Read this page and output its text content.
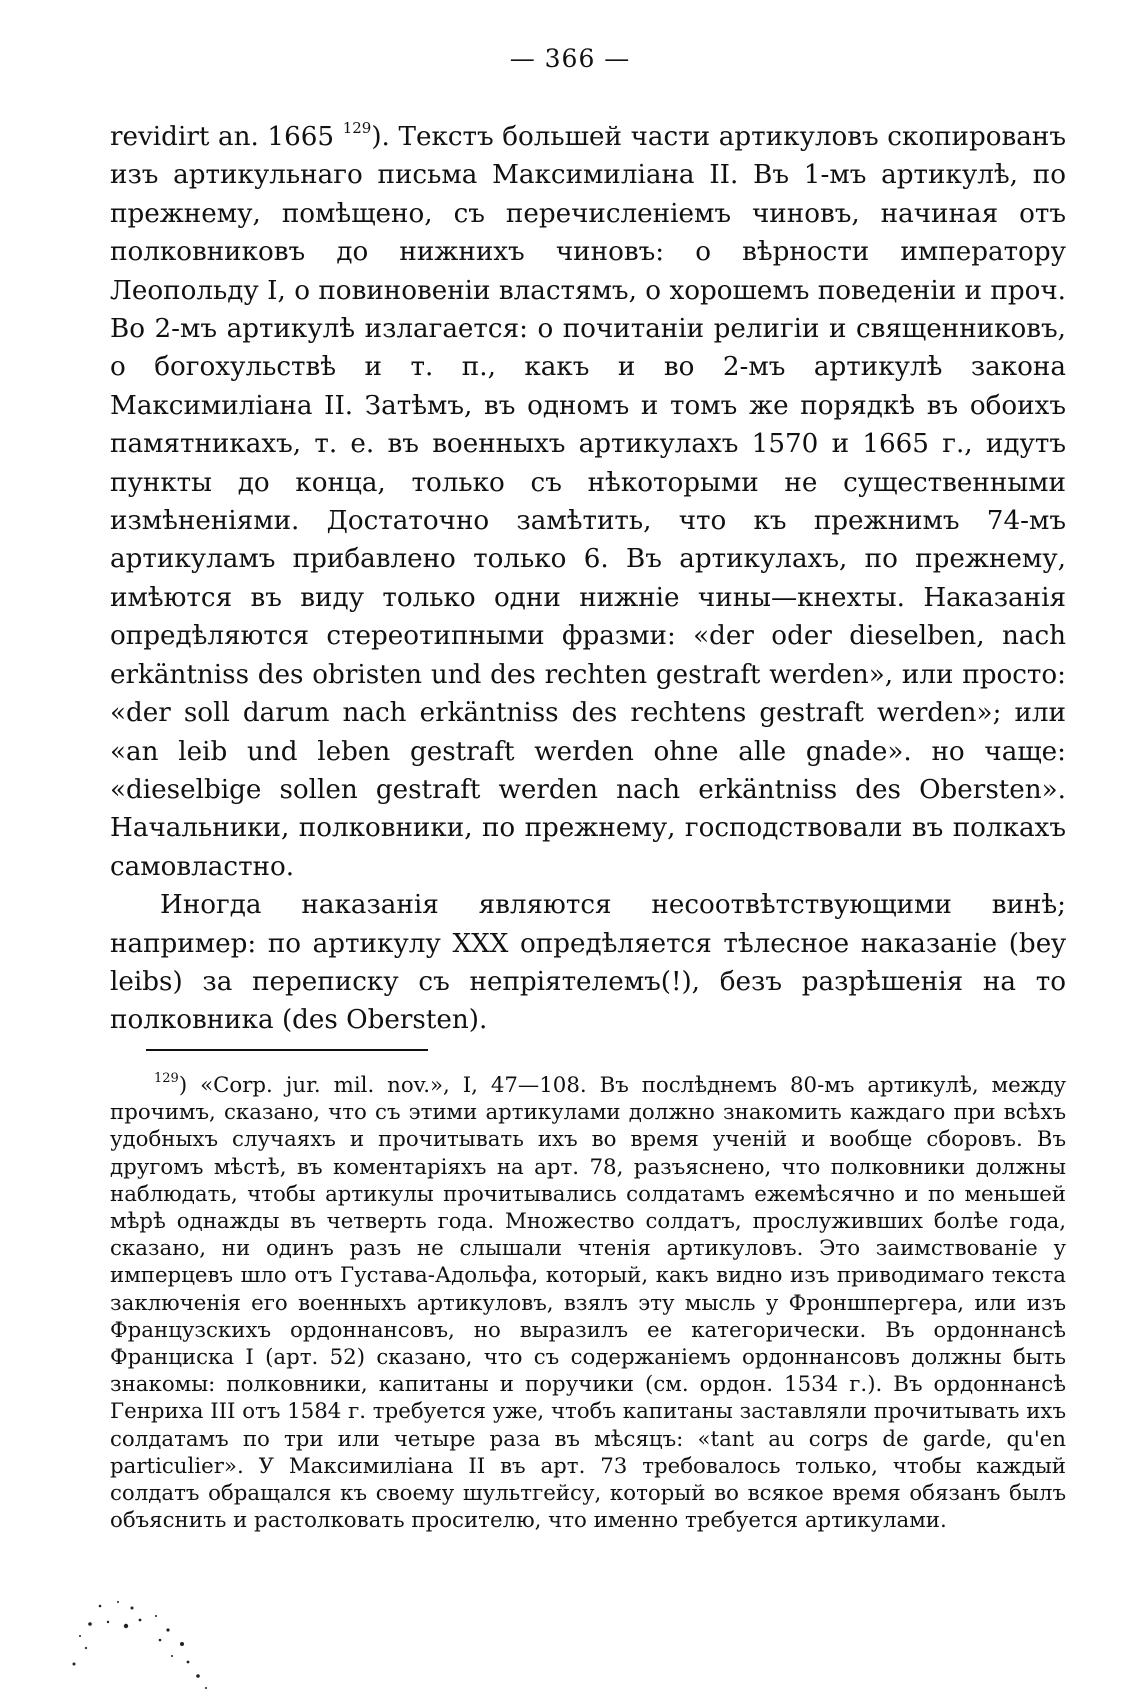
— 366 —

revidirt an. 1665 $^{129}$). Текстъ большей части артикуловъ скопированъ изъ артикульнаго письма Максимиліана II. Въ 1-мъ артикулѣ, по прежнему, помѣщено, съ перечисленіемъ чиновъ, начиная отъ полковниковъ до нижнихъ чиновъ: о вѣрности императору Леопольду I, о повиновеніи властямъ, о хорошемъ поведеніи и проч. Во 2-мъ артикулѣ излагается: о почитаніи религіи и священниковъ, о богохульствѣ и т. п., какъ и во 2-мъ артикулѣ закона Максимиліана II. Затѣмъ, въ одномъ и томъ же порядкѣ въ обоихъ памятникахъ, т. е. въ военныхъ артикулахъ 1570 и 1665 г., идутъ пункты до конца, только съ нѣкоторыми не существенными измѣненіями. Достаточно замѣтить, что къ прежнимъ 74-мъ артикуламъ прибавлено только 6. Въ артикулахъ, по прежнему, имѣются въ виду только одни нижніе чины—кнехты. Наказанія опредѣляются стереотипными фразми: «der oder dieselben, nach erkäntniss des obristen und des rechten gestraft werden», или просто: «der soll darum nach erkäntniss des rechtens gestraft werden»; или «an leib und leben gestraft werden ohne alle gnade». но чаще: «dieselbige sollen gestraft werden nach erkäntniss des Obersten». Начальники, полковники, по прежнему, господствовали въ полкахъ самовластно.

Иногда наказанія являются несоотвѣтствующими винѣ; например: по артикулу XXX опредѣляется тѣлесное наказаніе (bey leibs) за переписку съ непріятелемъ(!), безъ разрѣшенія на то полковника (des Obersten).

$^{129}$) «Corp. jur. mil. nov.», I, 47—108. Въ послѣднемъ 80-мъ артикулѣ, между прочимъ, сказано, что съ этими артикулами должно знакомить каждаго при всѣхъ удобныхъ случаяхъ и прочитывать ихъ во время ученій и вообще сборовъ. Въ другомъ мѣстѣ, въ коментаріяхъ на арт. 78, разъяснено, что полковники должны наблюдать, чтобы артикулы прочитывались солдатамъ ежемѣсячно и по меньшей мѣрѣ однажды въ четверть года. Множество солдатъ, прослуживших болѣе года, сказано, ни одинъ разъ не слышали чтенія артикуловъ. Это заимствованіе у имперцевъ шло отъ Густава-Адольфа, который, какъ видно изъ приводимаго текста заключенія его военныхъ артикуловъ, взялъ эту мысль у Фроншпергера, или изъ Французскихъ ордоннансовъ, но выразилъ ее категорически. Въ ордоннансѣ Франциска I (арт. 52) сказано, что съ содержаніемъ ордоннансовъ должны быть знакомы: полковники, капитаны и поручики (см. ордон. 1534 г.). Въ ордоннансѣ Генриха III отъ 1584 г. требуется уже, чтобъ капитаны заставляли прочитывать ихъ солдатамъ по три или четыре раза въ мѣсяцъ: «tant au corps de garde, qu'en particulier». У Максимиліана II въ арт. 73 требовалось только, чтобы каждый солдатъ обращался къ своему шультгейсу, который во всякое время обязанъ былъ объяснить и растолковать просителю, что именно требуется артикулами.
